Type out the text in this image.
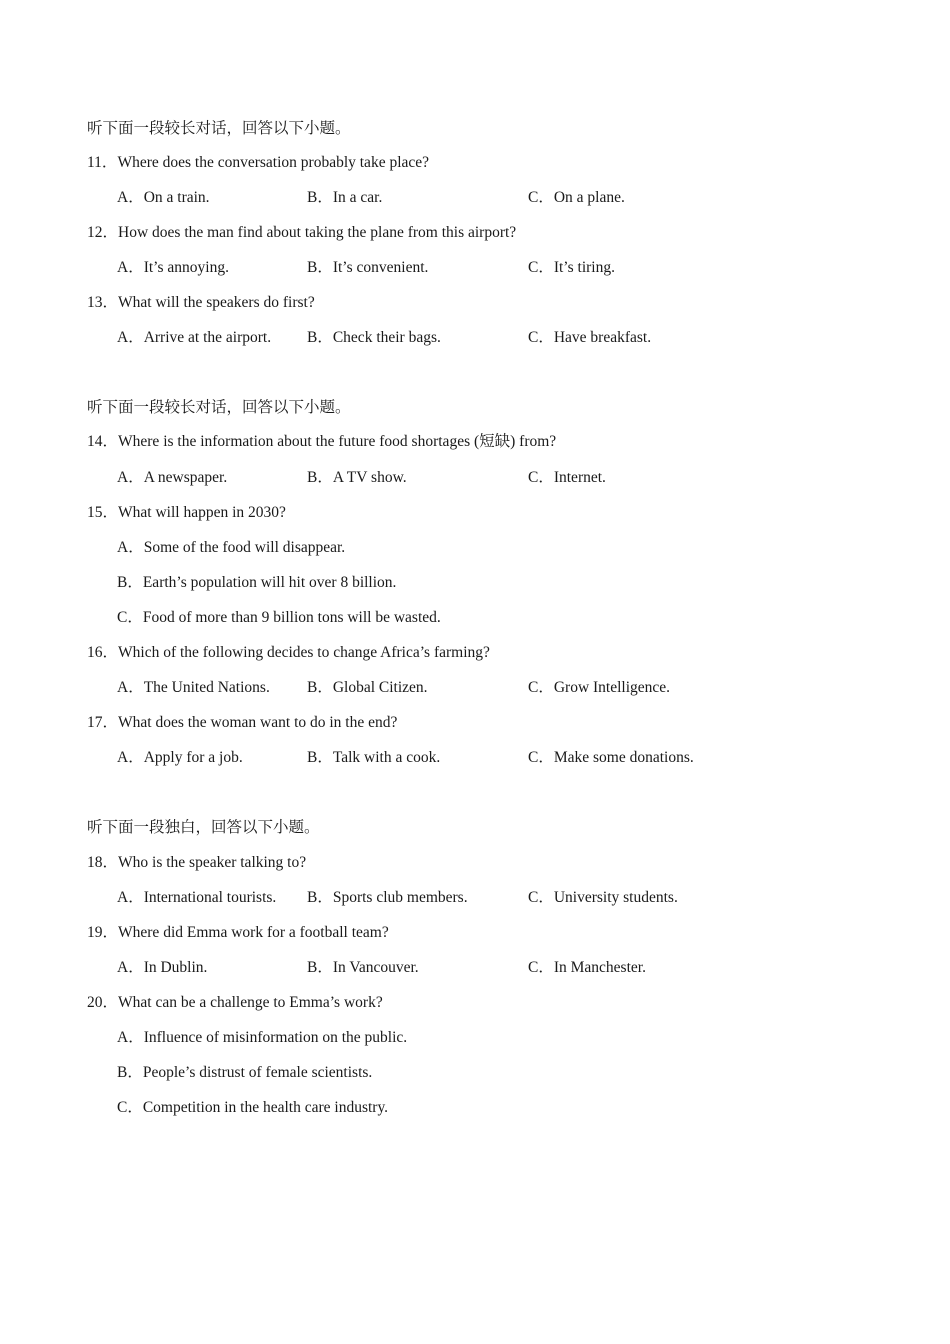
听下面一段较长对话，回答以下小题。
11．Where does the conversation probably take place?
A．On a train.	B．In a car.	C．On a plane.
12．How does the man find about taking the plane from this airport?
A．It’s annoying.	B．It’s convenient.	C．It’s tiring.
13．What will the speakers do first?
A．Arrive at the airport. B．Check their bags.	C．Have breakfast.
听下面一段较长对话，回答以下小题。
14．Where is the information about the future food shortages (短缺) from?
A．A newspaper.	B．A TV show.	C．Internet.
15．What will happen in 2030?
A．Some of the food will disappear.
B．Earth’s population will hit over 8 billion.
C．Food of more than 9 billion tons will be wasted.
16．Which of the following decides to change Africa’s farming?
A．The United Nations. B．Global Citizen.	C．Grow Intelligence.
17．What does the woman want to do in the end?
A．Apply for a job.	B．Talk with a cook.	C．Make some donations.
听下面一段独白，回答以下小题。
18．Who is the speaker talking to?
A．International tourists. B．Sports club members.	C．University students.
19．Where did Emma work for a football team?
A．In Dublin.	B．In Vancouver.	C．In Manchester.
20．What can be a challenge to Emma’s work?
A．Influence of misinformation on the public.
B．People’s distrust of female scientists.
C．Competition in the health care industry.
